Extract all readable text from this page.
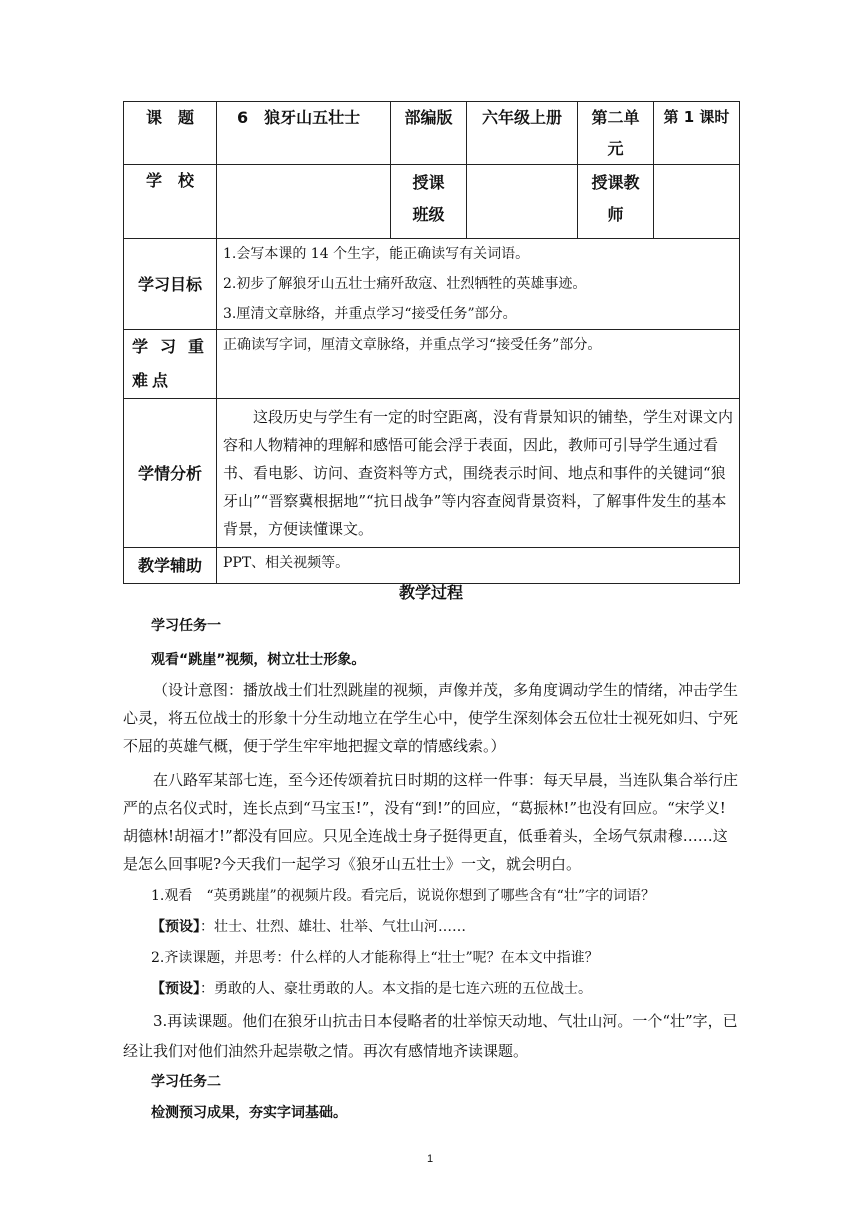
课　题	6　狼牙山五壮士	部编版	六年级上册	第二单元	第 1 课时
学　校		授课班级		授课教师	
学习目标	1.会写本课的 14 个生字，能正确读写有关词语。
2.初步了解狼牙山五壮士痛歼敌寇、壮烈牺牲的英雄事迹。
3.厘清文章脉络，并重点学习“接受任务”部分。				

学习重难点	正确读写字词，厘清文章脉络，并重点学习“接受任务”部分。				
学情分析	这段历史与学生有一定的时空距离，没有背景知识的铺垫，学生对课文内容和人物精神的理解和感悟可能会浮于表面，因此，教师可引导学生通过看书、看电影、访问、查资料等方式，围绕表示时间、地点和事件的关键词“狼牙山”“晋察冀根据地”“抗日战争”等内容查阅背景资料，了解事件发生的基本背景，方便读懂课文。				
教学辅助	PPT、相关视频等。				
教学过程
学习任务一
观看“跳崖”视频，树立壮士形象。
（设计意图：播放战士们壮烈跳崖的视频，声像并茂，多角度调动学生的情绪，冲击学生心灵，将五位战士的形象十分生动地立在学生心中，使学生深刻体会五位壮士视死如归、宁死不屈的英雄气概，便于学生牢牢地把握文章的情感线索。）
在八路军某部七连，至今还传颂着抗日时期的这样一件事：每天早晨，当连队集合举行庄严的点名仪式时，连长点到“马宝玉!”，没有“到!”的回应，“葛振林!”也没有回应。“宋学义!胡德林!胡福才!”都没有回应。只见全连战士身子挺得更直，低垂着头，全场气氛肃穆……这是怎么回事呢?今天我们一起学习《狼牙山五壮士》一文，就会明白。
1.观看　“英勇跳崖”的视频片段。看完后，说说你想到了哪些含有“壮”字的词语？
【预设】：壮士、壮烈、雄壮、壮举、气壮山河……
2.齐读课题，并思考：什么样的人才能称得上“壮士”呢？在本文中指谁？
【预设】：勇敢的人、豪壮勇敢的人。本文指的是七连六班的五位战士。
3.再读课题。他们在狼牙山抗击日本侵略者的壮举惊天动地、气壮山河。一个“壮”字，已经让我们对他们油然升起崇敬之情。再次有感情地齐读课题。
学习任务二
检测预习成果，夯实字词基础。
1
